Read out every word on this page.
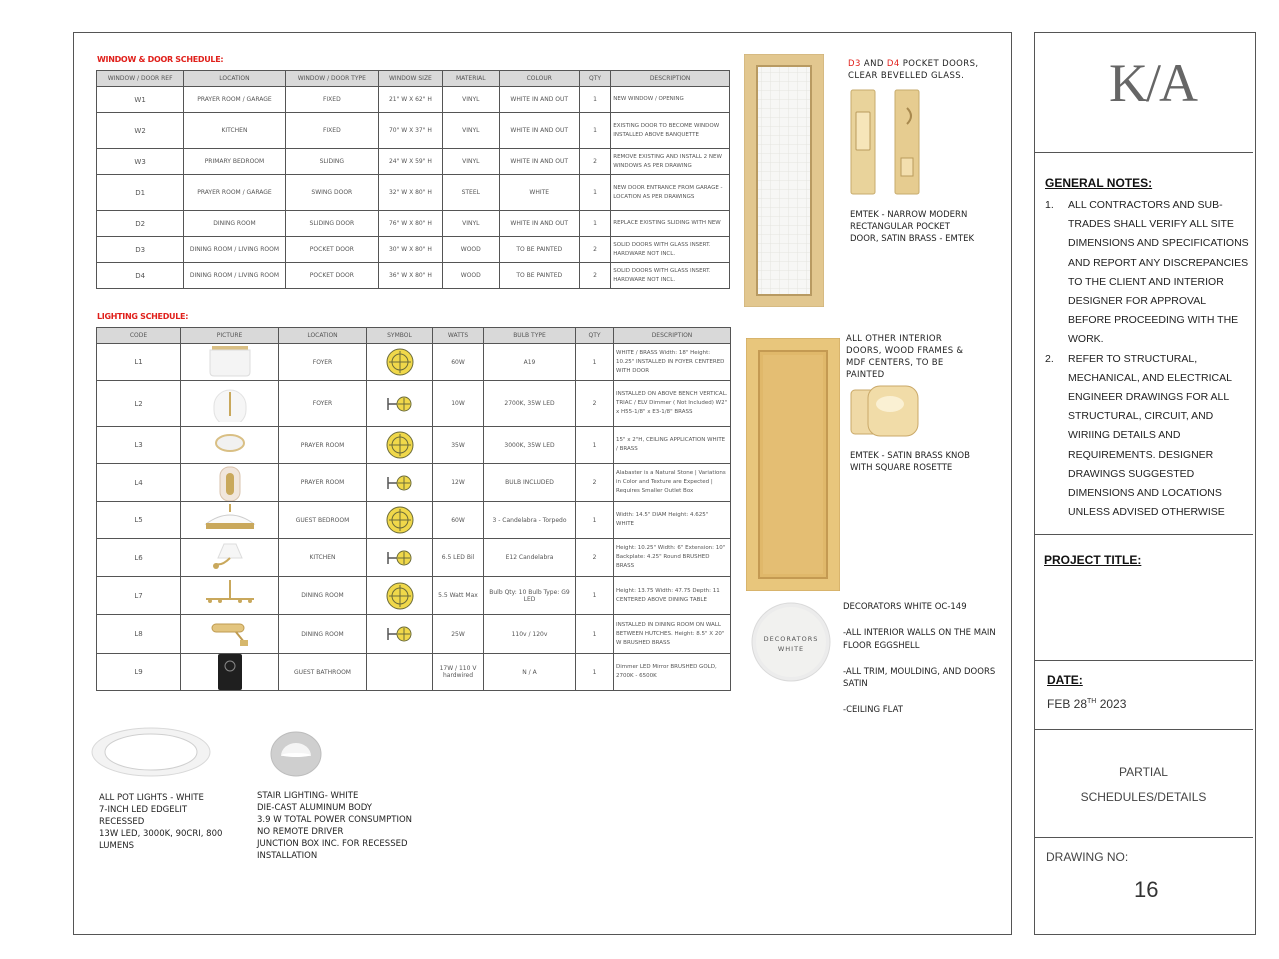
WINDOW & DOOR SCHEDULE:
WINDOW / DOOR REF	LOCATION	WINDOW / DOOR TYPE	WINDOW SIZE	MATERIAL	COLOUR	QTY	DESCRIPTION
W1	PRAYER ROOM / GARAGE	FIXED	21" W X 62" H	VINYL	WHITE IN AND OUT	1	NEW WINDOW / OPENING
W2	KITCHEN	FIXED	70" W X 37" H	VINYL	WHITE IN AND OUT	1	EXISTING DOOR TO BECOME WINDOW INSTALLED ABOVE BANQUETTE
W3	PRIMARY BEDROOM	SLIDING	24" W X 59" H	VINYL	WHITE IN AND OUT	2	REMOVE EXISTING AND INSTALL 2 NEW WINDOWS AS PER DRAWING
D1	PRAYER ROOM / GARAGE	SWING DOOR	32" W X 80" H	STEEL	WHITE	1	NEW DOOR ENTRANCE FROM GARAGE - LOCATION AS PER DRAWINGS
D2	DINING ROOM	SLIDING DOOR	76" W X 80" H	VINYL	WHITE IN AND OUT	1	REPLACE EXISTING SLIDING WITH NEW
D3	DINING ROOM / LIVING ROOM	POCKET DOOR	30" W X 80" H	WOOD	TO BE PAINTED	2	SOLID DOORS WITH GLASS INSERT. HARDWARE NOT INCL.
D4	DINING ROOM / LIVING ROOM	POCKET DOOR	36" W X 80" H	WOOD	TO BE PAINTED	2	SOLID DOORS WITH GLASS INSERT. HARDWARE NOT INCL.
LIGHTING SCHEDULE:
CODE	PICTURE	LOCATION	SYMBOL	WATTS	BULB TYPE	QTY	DESCRIPTION
L1		FOYER		60W	A19	1	WHITE / BRASS Width: 18" Height: 10.25" INSTALLED IN FOYER CENTERED WITH DOOR
L2		FOYER		10W	2700K, 35W LED	2	INSTALLED ON ABOVE BENCH VERTICAL. TRIAC / ELV Dimmer ( Not Included) W2" x H55-1/8" x E3-1/8" BRASS
L3		PRAYER ROOM		35W	3000K, 35W LED	1	15" x 2"H, CEILING APPLICATION WHITE / BRASS
L4		PRAYER ROOM		12W	BULB INCLUDED	2	Alabaster is a Natural Stone | Variations in Color and Texture are Expected | Requires Smaller Outlet Box
L5		GUEST BEDROOM		60W	3 - Candelabra - Torpedo	1	Width: 14.5" DIAM Height: 4.625" WHITE
L6		KITCHEN		6.5 LED Bil	E12 Candelabra	2	Height: 10.25" Width: 6" Extension: 10" Backplate: 4.25" Round BRUSHED BRASS
L7		DINING ROOM		5.5 Watt Max	Bulb Qty: 10 Bulb Type: G9 LED	1	Height: 13.75 Width: 47.75 Depth: 11 CENTERED ABOVE DINING TABLE
L8		DINING ROOM		25W	110v / 120v	1	INSTALLED IN DINING ROOM ON WALL BETWEEN HUTCHES. Height: 8.5" X 20" W BRUSHED BRASS
L9		GUEST BATHROOM		17W / 110 V hardwired	N / A	1	Dimmer LED Mirror BRUSHED GOLD, 2700K - 6500K
ALL POT LIGHTS - WHITE
7-INCH LED EDGELIT
RECESSED
13W LED, 3000K, 90CRI, 800
LUMENS
STAIR LIGHTING- WHITE
DIE-CAST ALUMINUM BODY
3.9 W TOTAL POWER CONSUMPTION
NO REMOTE DRIVER
JUNCTION BOX INC. FOR RECESSED
INSTALLATION
D3 AND D4 POCKET DOORS,
CLEAR BEVELLED GLASS.
EMTEK - NARROW MODERN
RECTANGULAR POCKET
DOOR, SATIN BRASS - EMTEK
ALL OTHER INTERIOR
DOORS, WOOD FRAMES &
MDF CENTERS, TO BE
PAINTED
EMTEK - SATIN BRASS KNOB
WITH SQUARE ROSETTE
DECORATORS
WHITE
DECORATORS WHITE OC-149

-ALL INTERIOR WALLS ON THE MAIN
FLOOR EGGSHELL

-ALL TRIM, MOULDING, AND DOORS
SATIN

-CEILING FLAT
K/A
GENERAL NOTES:
1. ALL CONTRACTORS AND SUB-TRADES SHALL VERIFY ALL SITE DIMENSIONS AND SPECIFICATIONS AND REPORT ANY DISCREPANCIES TO THE CLIENT AND INTERIOR DESIGNER FOR APPROVAL BEFORE PROCEEDING WITH THE WORK.
2. REFER TO STRUCTURAL, MECHANICAL, AND ELECTRICAL ENGINEER DRAWINGS FOR ALL STRUCTURAL, CIRCUIT, AND WIRIING DETAILS AND REQUIREMENTS. DESIGNER DRAWINGS SUGGESTED DIMENSIONS AND LOCATIONS UNLESS ADVISED OTHERWISE
PROJECT TITLE:
DATE:
FEB 28TH 2023
PARTIAL
SCHEDULES/DETAILS
DRAWING NO:
16
